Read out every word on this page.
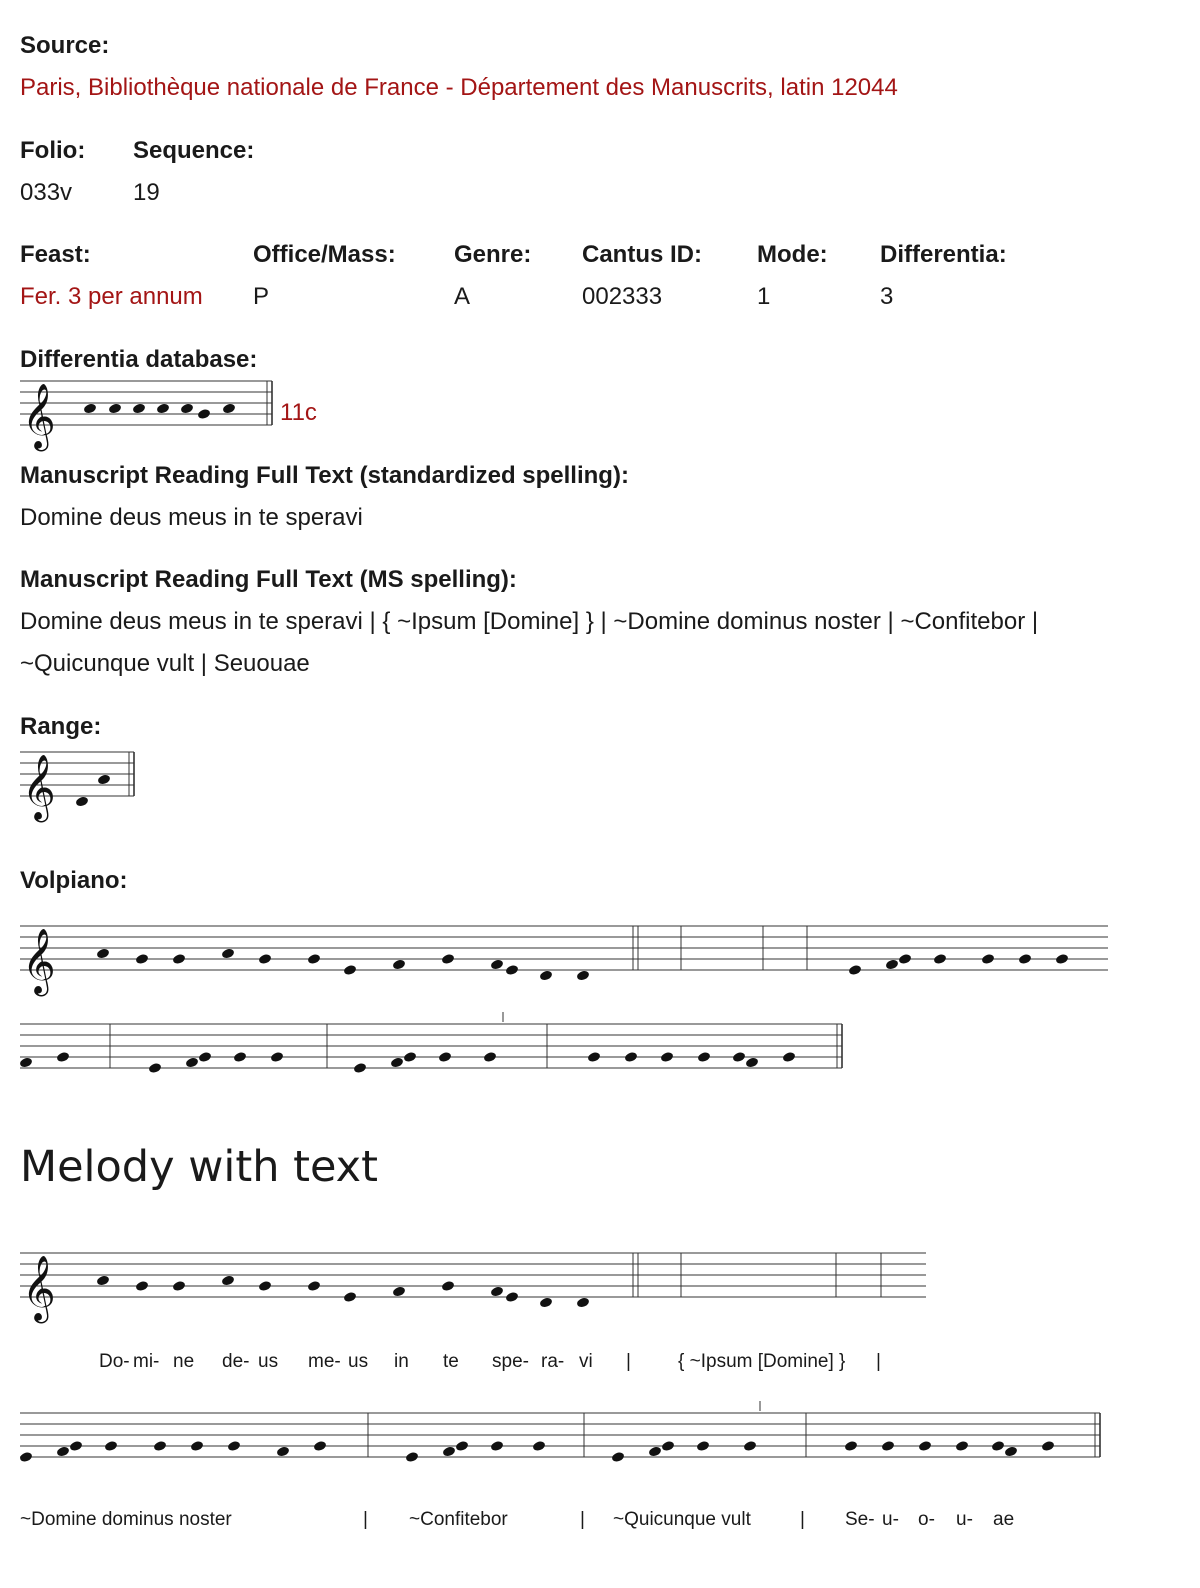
Source:
Paris, Bibliothèque nationale de France - Département des Manuscrits, latin 12044
Folio:
033v
Sequence:
19
Feast:
Fer. 3 per annum
Office/Mass:
P
Genre:
A
Cantus ID:
002333
Mode:
1
Differentia:
3
Differentia database:
𝄞	11c
Manuscript Reading Full Text (standardized spelling):
Domine deus meus in te speravi
Manuscript Reading Full Text (MS spelling):
Domine deus meus in te speravi | { ~Ipsum [Domine] } | ~Domine dominus noster | ~Confitebor |
~Quicunque vult | Seuouae
Range:
𝄞
Volpiano:
𝄞
Melody with text
𝄞
Do- mi- ne de- us me- us in te spe- ra- vi | { ~Ipsum [Domine] } |
~Domine dominus noster	| ~Confitebor	| ~Quicunque vult	| Se- u- o- u- ae
